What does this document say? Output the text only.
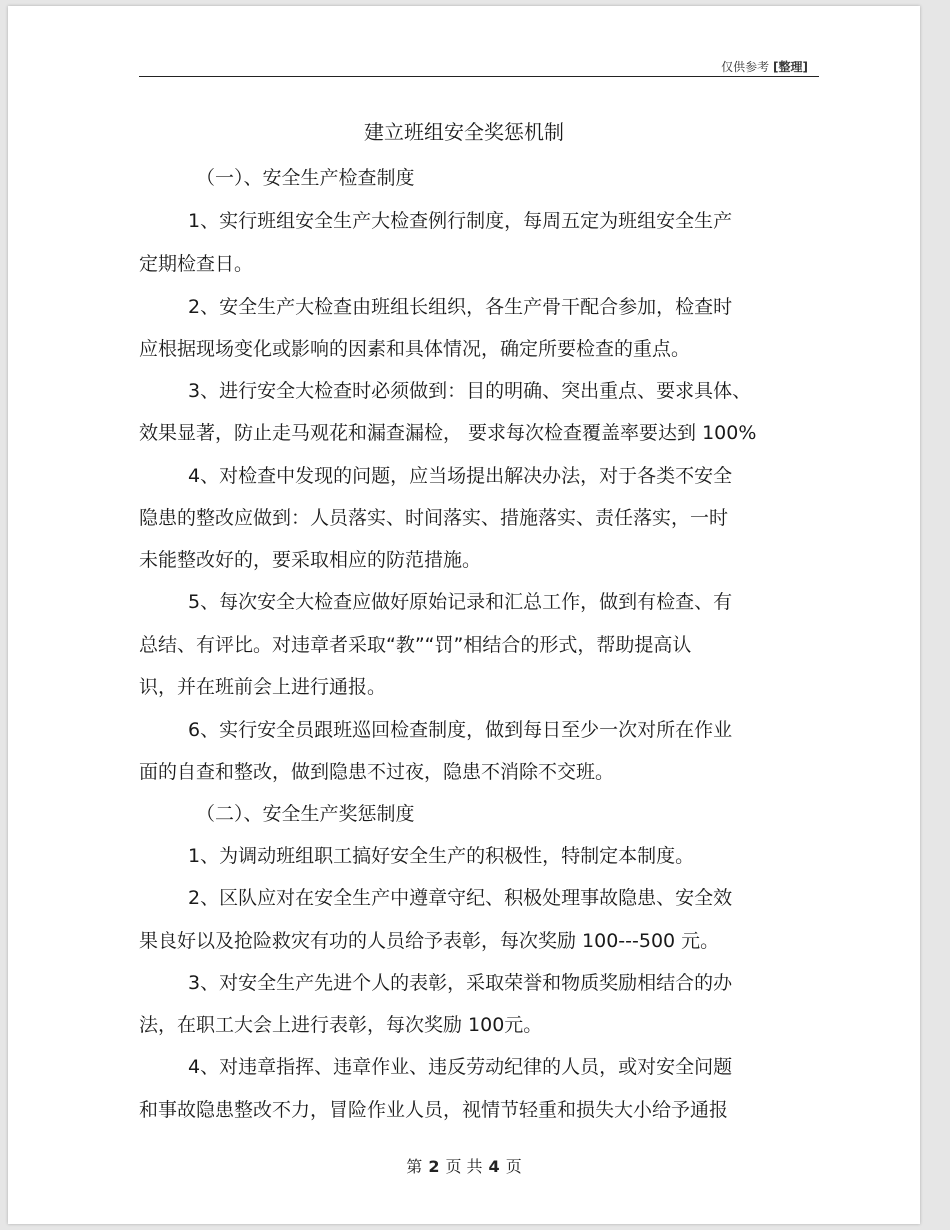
仅供参考 [整理]
建立班组安全奖惩机制
（一）、安全生产检查制度
1、实行班组安全生产大检查例行制度，每周五定为班组安全生产
定期检查日。
2、安全生产大检查由班组长组织，各生产骨干配合参加，检查时
应根据现场变化或影响的因素和具体情况，确定所要检查的重点。
3、进行安全大检查时必须做到：目的明确、突出重点、要求具体、
效果显著，防止走马观花和漏查漏检， 要求每次检查覆盖率要达到 100%
4、对检查中发现的问题，应当场提出解决办法，对于各类不安全
隐患的整改应做到：人员落实、时间落实、措施落实、责任落实，一时
未能整改好的，要采取相应的防范措施。
5、每次安全大检查应做好原始记录和汇总工作，做到有检查、有
总结、有评比。对违章者采取“教”“罚”相结合的形式，帮助提高认
识，并在班前会上进行通报。
6、实行安全员跟班巡回检查制度，做到每日至少一次对所在作业
面的自查和整改，做到隐患不过夜，隐患不消除不交班。
（二）、安全生产奖惩制度
1、为调动班组职工搞好安全生产的积极性，特制定本制度。
2、区队应对在安全生产中遵章守纪、积极处理事故隐患、安全效
果良好以及抢险救灾有功的人员给予表彰，每次奖励 100---500 元。
3、对安全生产先进个人的表彰，采取荣誉和物质奖励相结合的办
法，在职工大会上进行表彰，每次奖励 100元。
4、对违章指挥、违章作业、违反劳动纪律的人员，或对安全问题
和事故隐患整改不力，冒险作业人员，视情节轻重和损失大小给予通报
第 2 页 共 4 页
